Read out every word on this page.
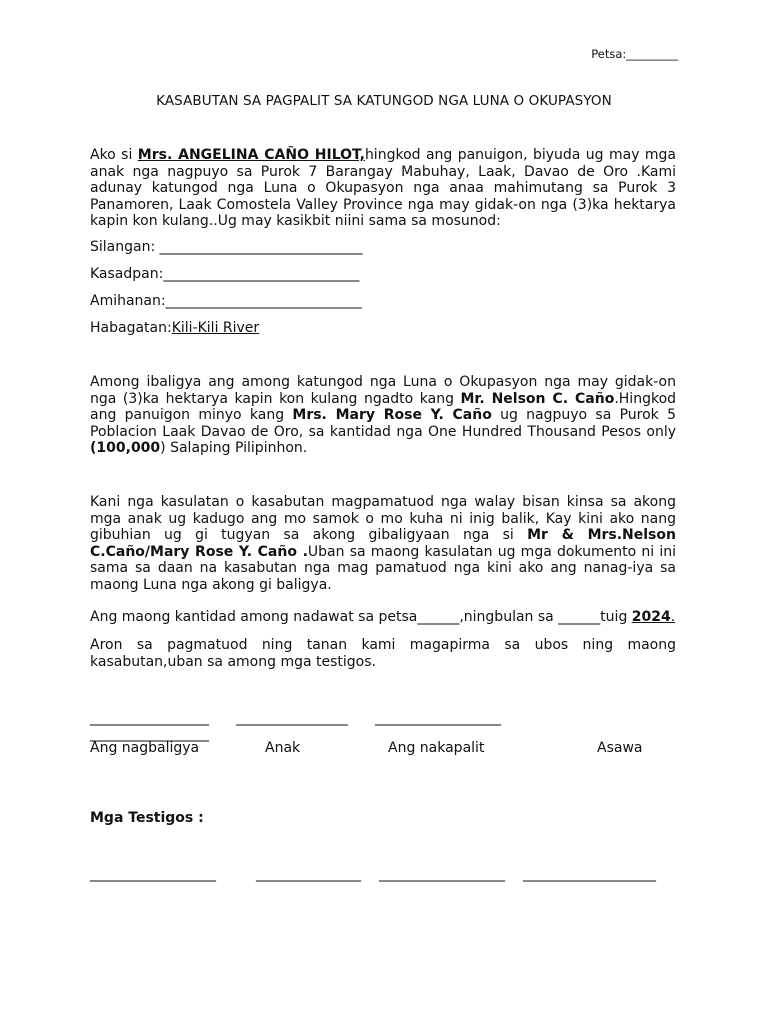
Petsa:_________
KASABUTAN SA PAGPALIT SA KATUNGOD NGA LUNA O OKUPASYON
Ako si Mrs. ANGELINA CAÑO HILOT,hingkod ang panuigon, biyuda ug may mga anak nga nagpuyo sa Purok 7 Barangay Mabuhay, Laak, Davao de Oro .Kami adunay katungod nga Luna o Okupasyon nga anaa mahimutang sa Purok 3 Panamoren, Laak Comostela Valley Province nga may gidak-on nga (3)ka hektarya kapin kon kulang..Ug may kasikbit niini sama sa mosunod:
Silangan: _____________________________
Kasadpan:____________________________
Amihanan:____________________________
Habagatan:Kili-Kili River
Among ibaligya ang among katungod nga Luna o Okupasyon nga may gidak-on nga (3)ka hektarya kapin kon kulang ngadto kang Mr. Nelson C. Caño.Hingkod ang panuigon minyo kang Mrs. Mary Rose Y. Caño ug nagpuyo sa Purok 5 Poblacion Laak Davao de Oro, sa kantidad nga One Hundred Thousand Pesos only (100,000) Salaping Pilipinhon.
Kani nga kasulatan o kasabutan magpamatuod nga walay bisan kinsa sa akong mga anak ug kadugo ang mo samok o mo kuha ni inig balik, Kay kini ako nang gibuhian ug gi tugyan sa akong gibaligyaan nga si Mr & Mrs.Nelson C.Caño/Mary Rose Y. Caño .Uban sa maong kasulatan ug mga dokumento ni ini sama sa daan na kasabutan nga mag pamatuod nga kini ako ang nanag-iya sa maong Luna nga akong gi baligya.
Ang maong kantidad among nadawat sa petsa______,ningbulan sa ______tuig 2024.
Aron sa pagmatuod ning tanan kami magapirma sa ubos ning maong kasabutan,uban sa among mga testigos.
_________________ ________________ __________________
_________________
Ang nagbaligya	Anak	Ang nakapalit	Asawa
Mga Testigos :
__________________	_______________ __________________ ___________________
